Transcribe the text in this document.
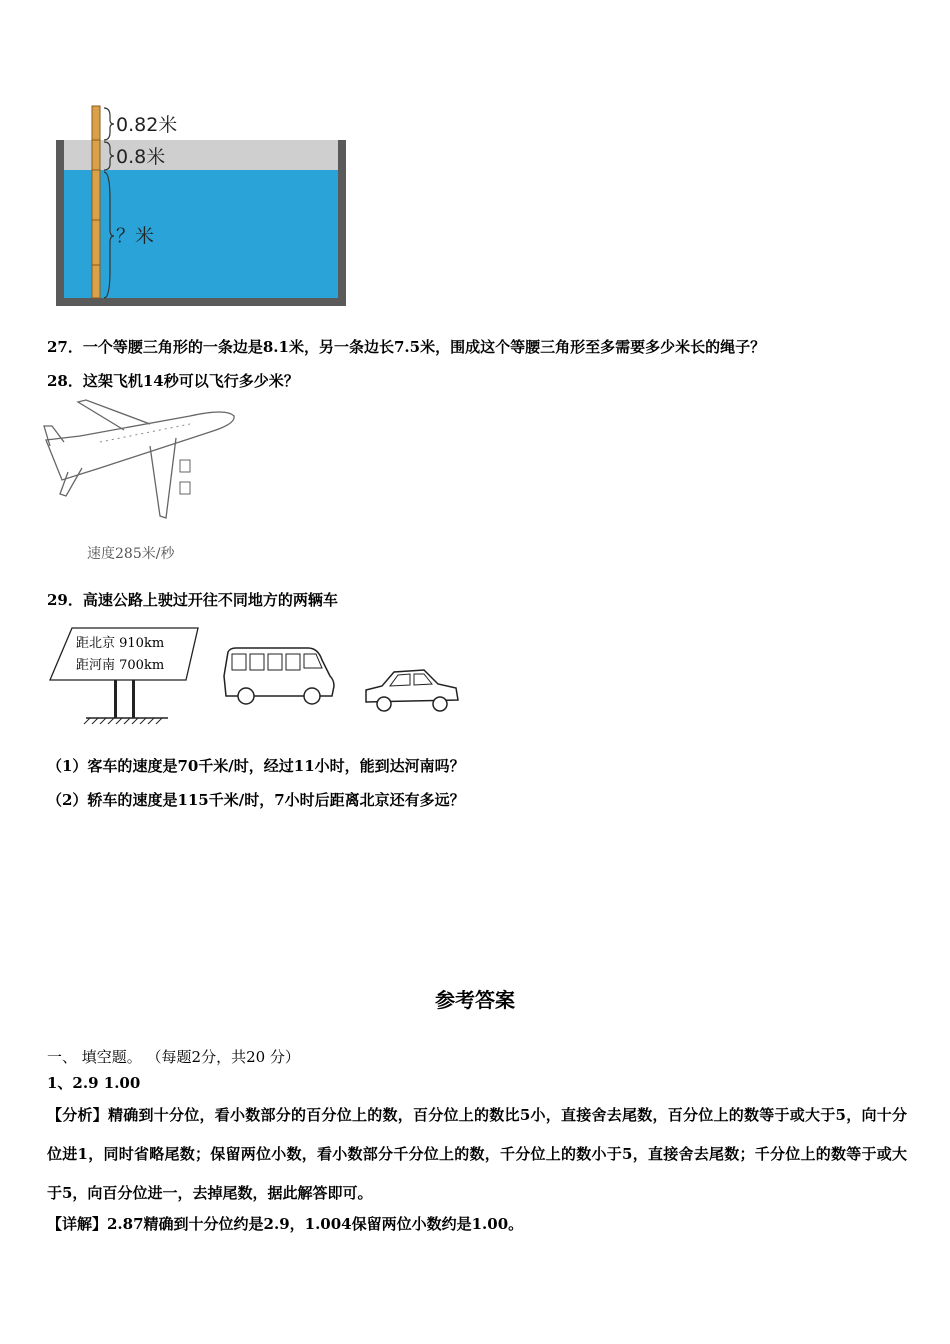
0.82米
0.8米
？米
27．一个等腰三角形的一条边是8.1米，另一条边长7.5米，围成这个等腰三角形至多需要多少米长的绳子？
28．这架飞机14秒可以飞行多少米？
速度285米/秒
29．高速公路上驶过开往不同地方的两辆车
距北京 910km
距河南 700km
（1）客车的速度是70千米/时，经过11小时，能到达河南吗？
（2）轿车的速度是115千米/时，7小时后距离北京还有多远？
参考答案
一、 填空题。 （每题2分，共20 分）
1、2.9 1.00
【分析】精确到十分位，看小数部分的百分位上的数，百分位上的数比5小，直接舍去尾数，百分位上的数等于或大于5，向十分位进1，同时省略尾数；保留两位小数，看小数部分千分位上的数，千分位上的数小于5，直接舍去尾数；千分位上的数等于或大于5，向百分位进一，去掉尾数，据此解答即可。
【详解】2.87精确到十分位约是2.9，1.004保留两位小数约是1.00。
